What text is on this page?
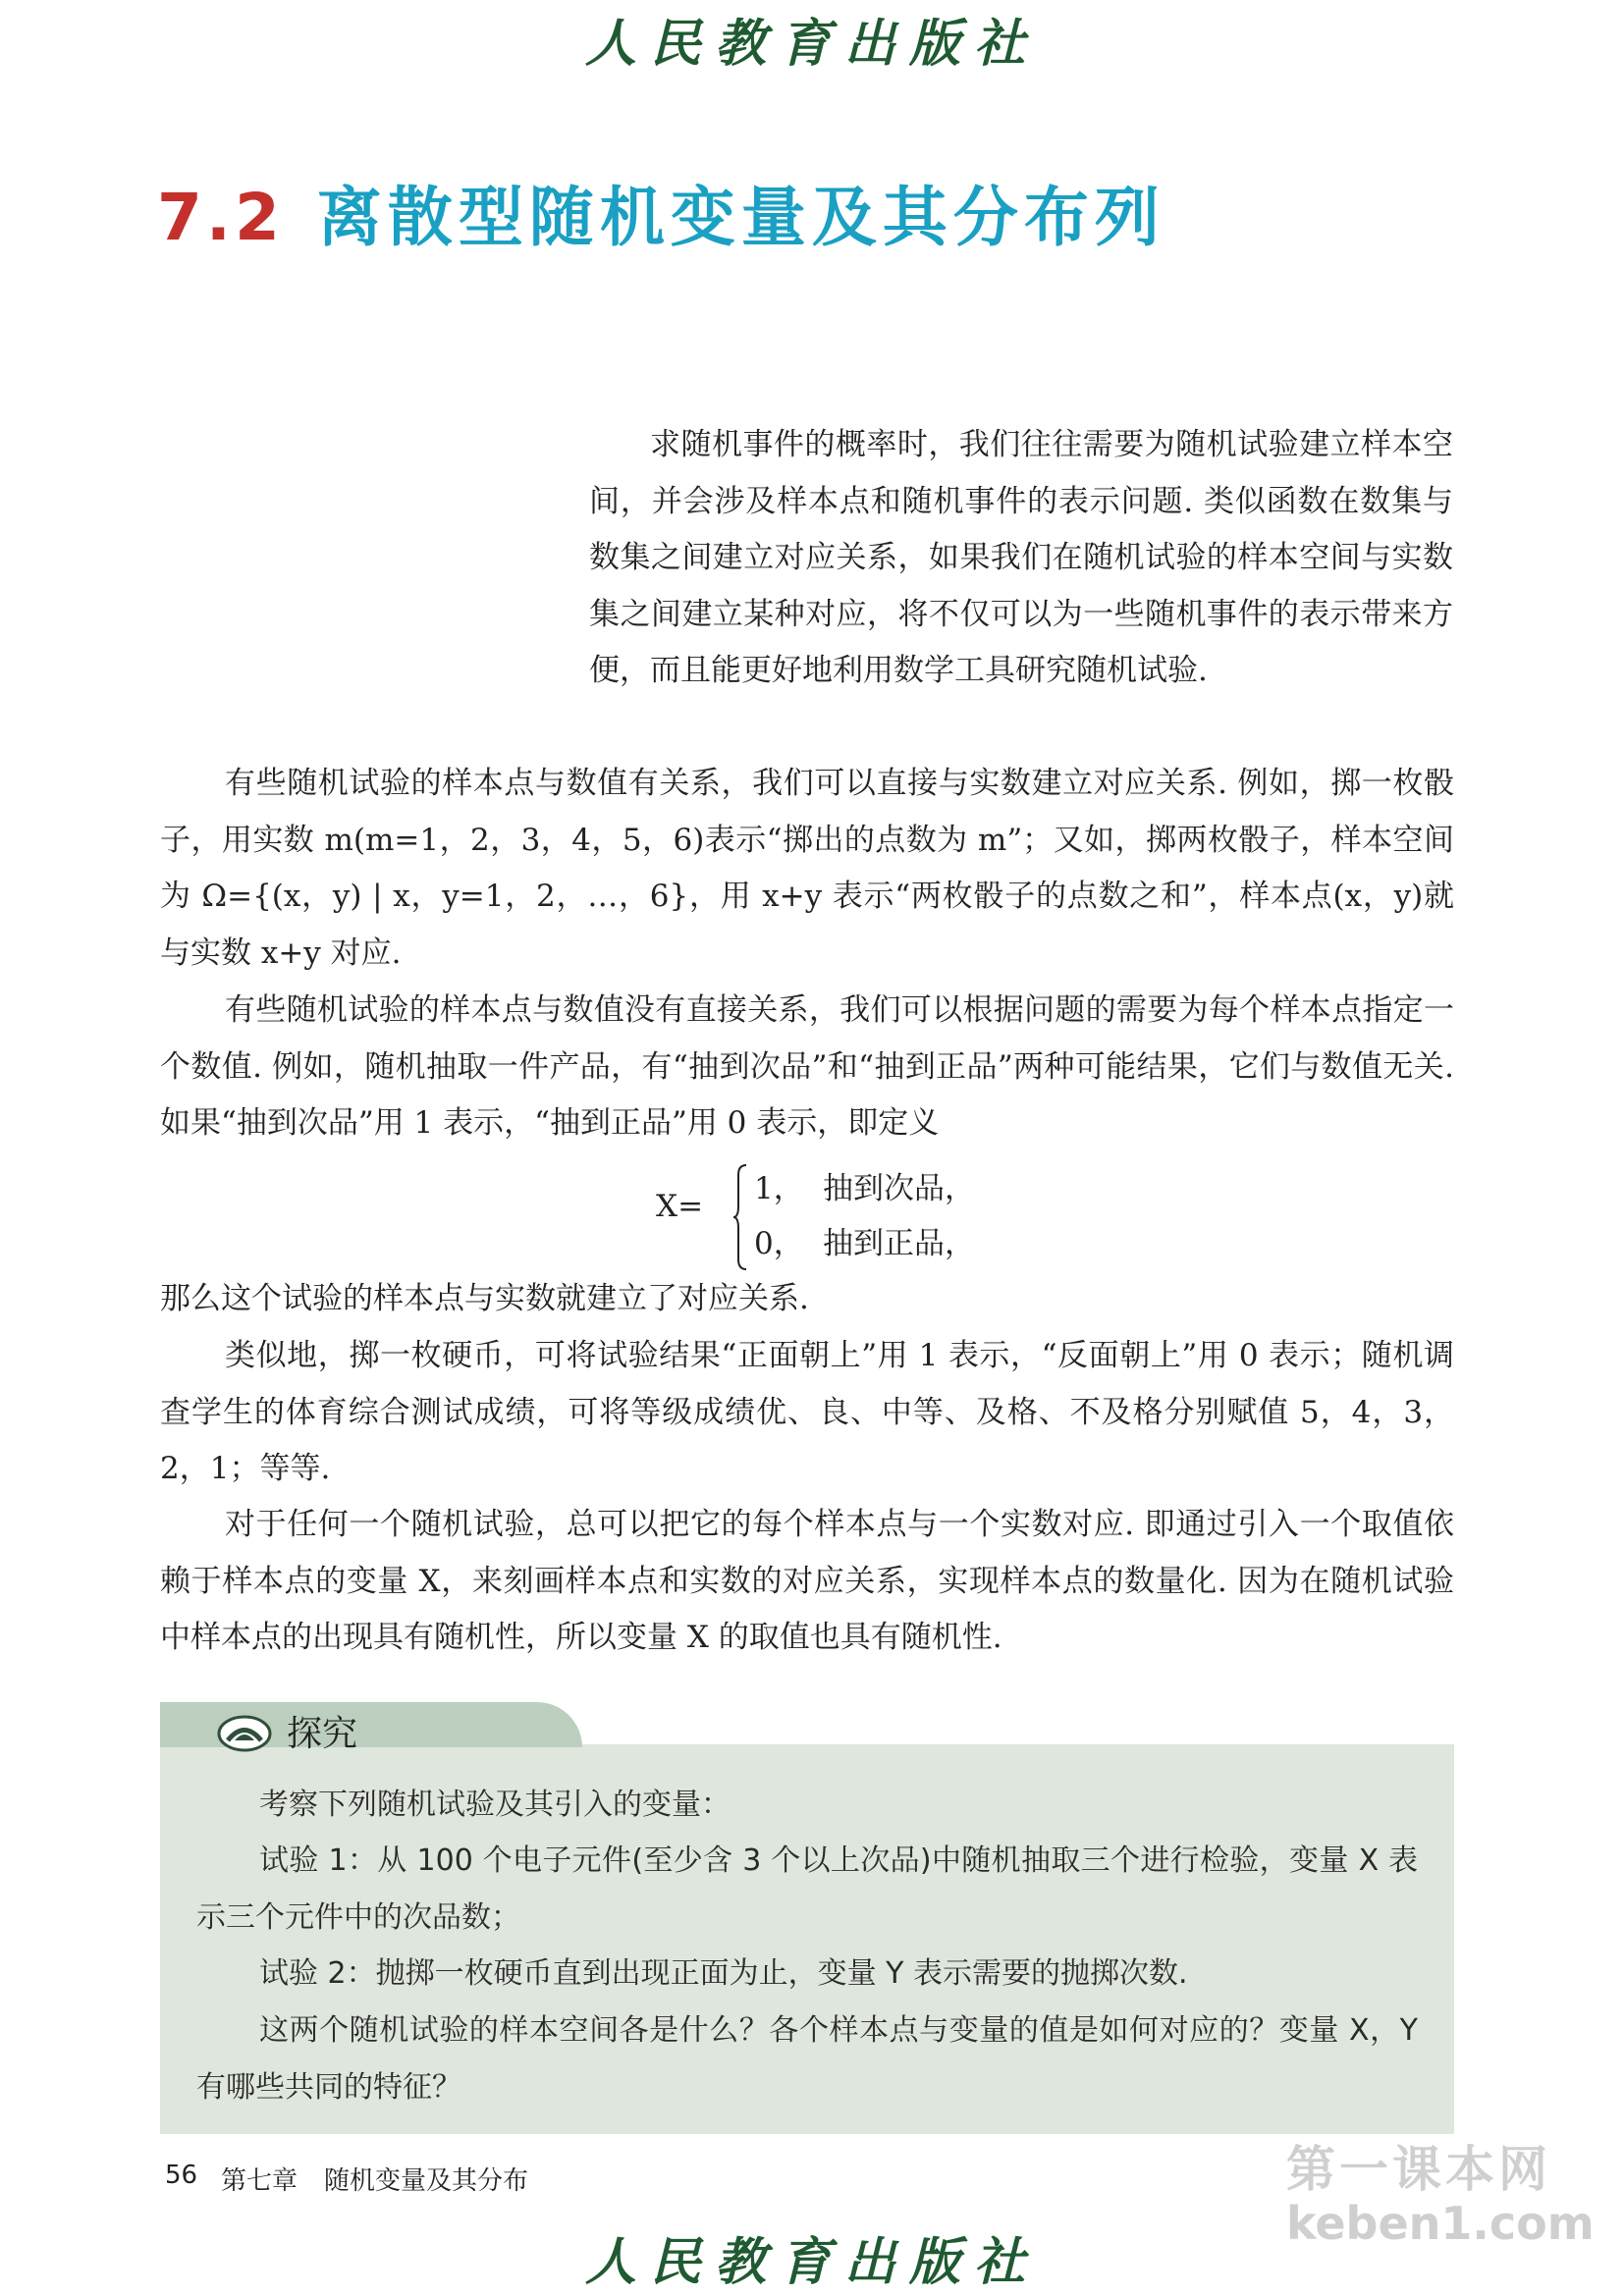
人民教育出版社
7.2 离散型随机变量及其分布列

求随机事件的概率时，我们往往需要为随机试验建立样本空间，并会涉及样本点和随机事件的表示问题. 类似函数在数集与数集之间建立对应关系，如果我们在随机试验的样本空间与实数集之间建立某种对应，将不仅可以为一些随机事件的表示带来方便，而且能更好地利用数学工具研究随机试验.

有些随机试验的样本点与数值有关系，我们可以直接与实数建立对应关系. 例如，掷一枚骰子，用实数 m(m=1，2，3，4，5，6)表示“掷出的点数为 m”；又如，掷两枚骰子，样本空间为 Ω={(x，y) | x，y=1，2，…，6}，用 x+y 表示“两枚骰子的点数之和”，样本点(x，y)就与实数 x+y 对应.

有些随机试验的样本点与数值没有直接关系，我们可以根据问题的需要为每个样本点指定一个数值. 例如，随机抽取一件产品，有“抽到次品”和“抽到正品”两种可能结果，它们与数值无关. 如果“抽到次品”用 1 表示，“抽到正品”用 0 表示，即定义

X= 1， 抽到次品，
0， 抽到正品，

那么这个试验的样本点与实数就建立了对应关系.

类似地，掷一枚硬币，可将试验结果“正面朝上”用 1 表示，“反面朝上”用 0 表示；随机调查学生的体育综合测试成绩，可将等级成绩优、良、中等、及格、不及格分别赋值 5，4，3，2，1；等等.

对于任何一个随机试验，总可以把它的每个样本点与一个实数对应. 即通过引入一个取值依赖于样本点的变量 X，来刻画样本点和实数的对应关系，实现样本点的数量化. 因为在随机试验中样本点的出现具有随机性，所以变量 X 的取值也具有随机性.

探究

考察下列随机试验及其引入的变量：

试验 1：从 100 个电子元件(至少含 3 个以上次品)中随机抽取三个进行检验，变量 X 表示三个元件中的次品数；

试验 2：抛掷一枚硬币直到出现正面为止，变量 Y 表示需要的抛掷次数.

这两个随机试验的样本空间各是什么？各个样本点与变量的值是如何对应的？变量 X，Y 有哪些共同的特征？

56 第七章 随机变量及其分布	第一课本网
keben1.com
人民教育出版社
